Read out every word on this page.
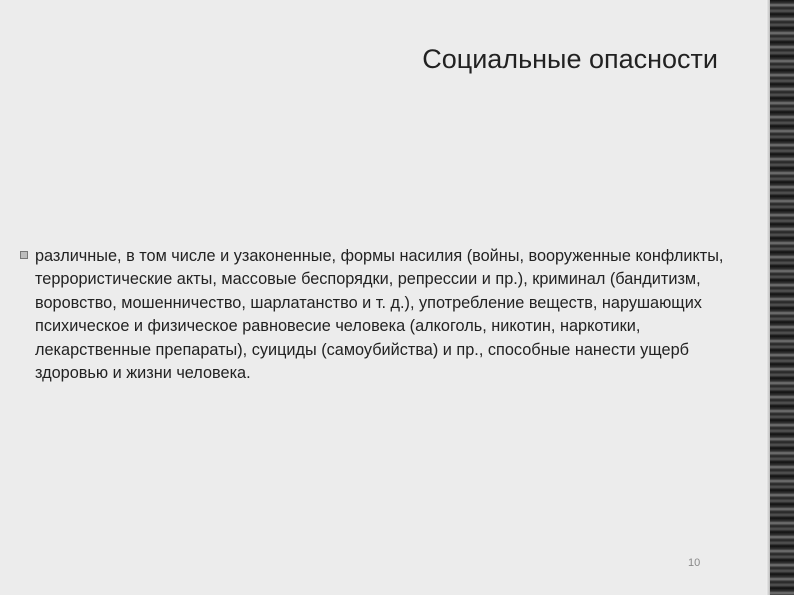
Социальные опасности
различные, в том числе и узаконенные, формы насилия (войны, вооруженные конфликты, террористические акты, массовые беспорядки, репрессии и пр.), криминал (бандитизм, воровство, мошенничество, шарлатанство и т. д.), употребление веществ, нарушающих психическое и физическое равновесие человека (алкоголь, никотин, наркотики, лекарственные препараты), суициды (самоубийства) и пр., способные нанести ущерб здоровью и жизни человека.
10
